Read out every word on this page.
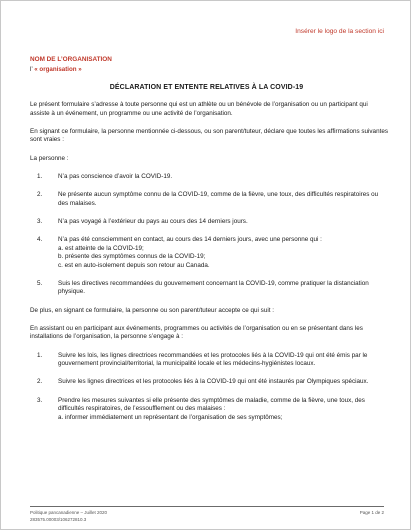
Insérer le logo de la section ici
NOM DE L’ORGANISATION
l’ « organisation »
DÉCLARATION ET ENTENTE RELATIVES À LA COVID-19

Le présent formulaire s’adresse à toute personne qui est un athlète ou un bénévole de l’organisation ou un participant qui assiste à un événement, un programme ou une activité de l’organisation.

En signant ce formulaire, la personne mentionnée ci-dessous, ou son parent/tuteur, déclare que toutes les affirmations suivantes sont vraies :

La personne :

1. N’a pas conscience d’avoir la COVID-19.

2. Ne présente aucun symptôme connu de la COVID-19, comme de la fièvre, une toux, des difficultés respiratoires ou des malaises.

3. N’a pas voyagé à l’extérieur du pays au cours des 14 derniers jours.

4. N’a pas été consciemment en contact, au cours des 14 derniers jours, avec une personne qui :

a. est atteinte de la COVID-19;

b. présente des symptômes connus de la COVID-19;

c. est en auto-isolement depuis son retour au Canada.

5. Suis les directives recommandées du gouvernement concernant la COVID-19, comme pratiquer la distanciation physique.

De plus, en signant ce formulaire, la personne ou son parent/tuteur accepte ce qui suit :

En assistant ou en participant aux événements, programmes ou activités de l’organisation ou en se présentant dans les installations de l’organisation, la personne s’engage à :

1. Suivre les lois, les lignes directrices recommandées et les protocoles liés à la COVID-19 qui ont été émis par le gouvernement provincial/territorial, la municipalité locale et les médecins-hygiénistes locaux.

2. Suivre les lignes directrices et les protocoles liés à la COVID-19 qui ont été instaurés par Olympiques spéciaux.

3. Prendre les mesures suivantes si elle présente des symptômes de maladie, comme de la fièvre, une toux, des difficultés respiratoires, de l’essoufflement ou des malaises :

a. informer immédiatement un représentant de l’organisation de ses symptômes;

Politique pancanadienne – Juillet 2020
283575.00003/106272810.3
Page 1 de 2
